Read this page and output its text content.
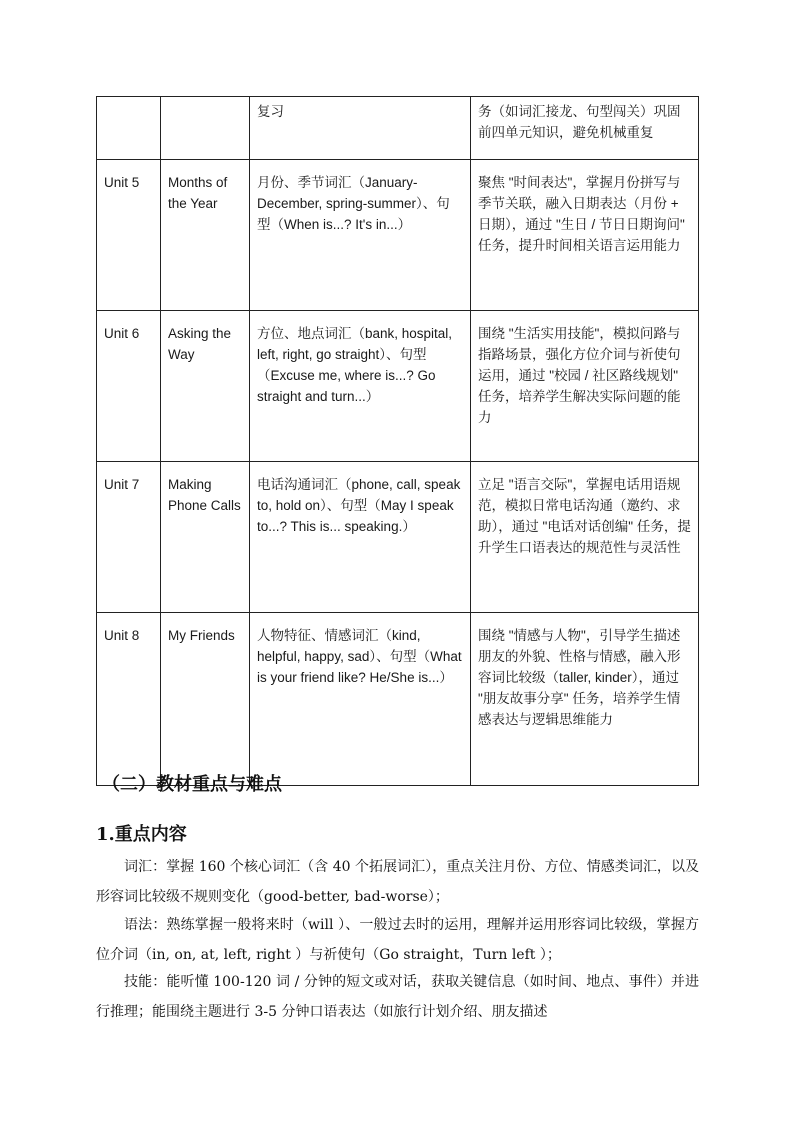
		复习	务（如词汇接龙、句型闯关）巩固前四单元知识，避免机械重复
Unit 5	Months of the Year	月份、季节词汇（January-December, spring-summer）、句型（When is...? It's in...）	聚焦 "时间表达"，掌握月份拼写与季节关联，融入日期表达（月份 + 日期），通过 "生日 / 节日日期询问" 任务，提升时间相关语言运用能力
Unit 6	Asking the Way	方位、地点词汇（bank, hospital, left, right, go straight）、句型（Excuse me, where is...? Go straight and turn...）	围绕 "生活实用技能"，模拟问路与指路场景，强化方位介词与祈使句运用，通过 "校园 / 社区路线规划" 任务，培养学生解决实际问题的能力
Unit 7	Making Phone Calls	电话沟通词汇（phone, call, speak to, hold on）、句型（May I speak to...? This is... speaking.）	立足 "语言交际"，掌握电话用语规范，模拟日常电话沟通（邀约、求助），通过 "电话对话创编" 任务，提升学生口语表达的规范性与灵活性
Unit 8	My Friends	人物特征、情感词汇（kind, helpful, happy, sad）、句型（What is your friend like? He/She is...）	围绕 "情感与人物"，引导学生描述朋友的外貌、性格与情感，融入形容词比较级（taller, kinder），通过 "朋友故事分享" 任务，培养学生情感表达与逻辑思维能力
（二）教材重点与难点
1.重点内容
词汇：掌握 160 个核心词汇（含 40 个拓展词汇），重点关注月份、方位、情感类词汇，以及形容词比较级不规则变化（good-better, bad-worse）；
语法：熟练掌握一般将来时（will ）、一般过去时的运用，理解并运用形容词比较级，掌握方位介词（in, on, at, left, right ）与祈使句（Go straight，Turn left ）；
技能：能听懂 100-120 词 / 分钟的短文或对话，获取关键信息（如时间、地点、事件）并进行推理；能围绕主题进行 3-5 分钟口语表达（如旅行计划介绍、朋友描述
